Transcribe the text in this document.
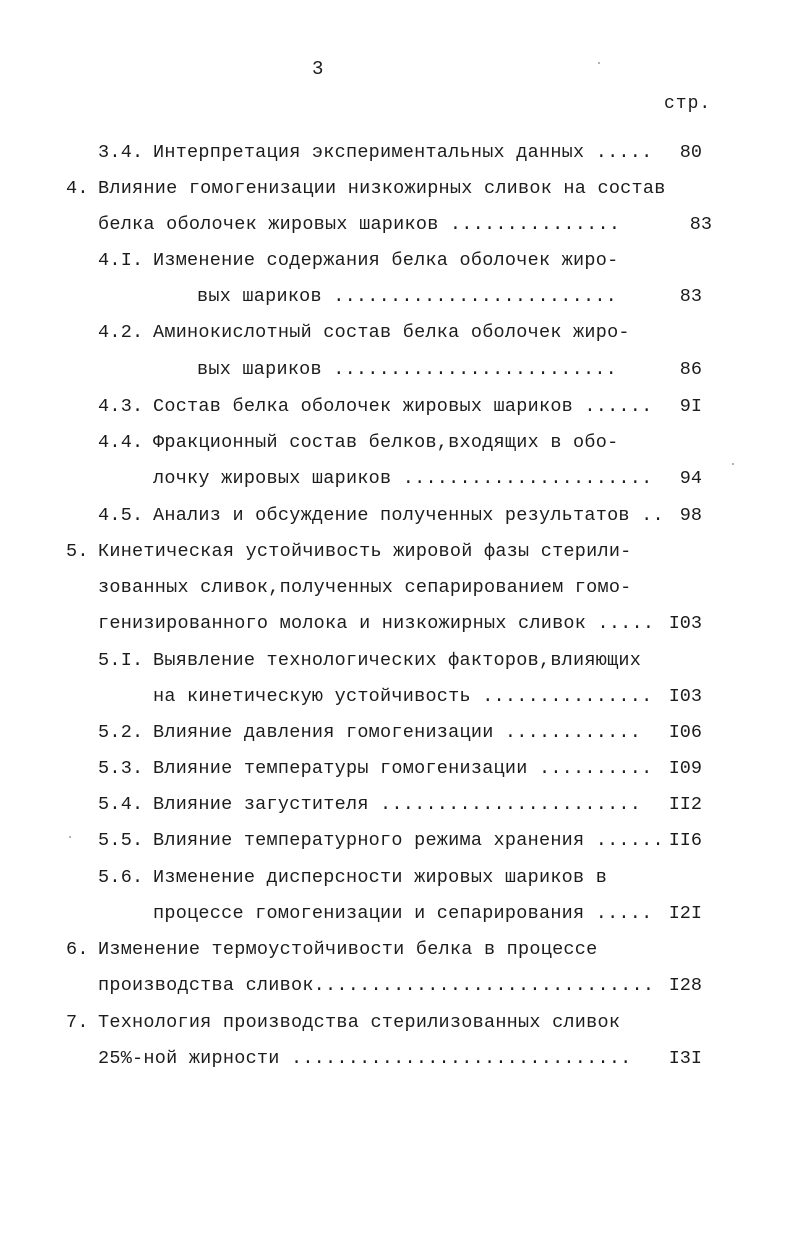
3
стр.
3.4. Интерпретация экспериментальных данных .....	80
4. Влияние гомогенизации низкожирных сливок на состав
белка оболочек жировых шариков ...............	83
4.I. Изменение содержания белка оболочек жиро-
вых шариков .........................	83
4.2. Аминокислотный состав белка оболочек жиро-
вых шариков .........................	86
4.3. Состав белка оболочек жировых шариков ......	9I
4.4. Фракционный состав белков,входящих в обо-
лочку жировых шариков ......................	94
4.5. Анализ и обсуждение полученных результатов .. 98
5. Кинетическая устойчивость жировой фазы стерили-
зованных сливок,полученных сепарированием гомо-
генизированного молока и низкожирных сливок ..... I03
5.I. Выявление технологических факторов,влияющих
на кинетическую устойчивость ............... I03
5.2. Влияние давления гомогенизации ............	I06
5.3. Влияние температуры гомогенизации .......... I09
5.4. Влияние загустителя .......................	II2
5.5. Влияние температурного режима хранения ...... II6
5.6. Изменение дисперсности жировых шариков в
процессе гомогенизации и сепарирования ..... I2I
6. Изменение термоустойчивости белка в процессе
производства сливок.............................. I28
7. Технология производства стерилизованных сливок
25%-ной жирности ..............................	I3I
